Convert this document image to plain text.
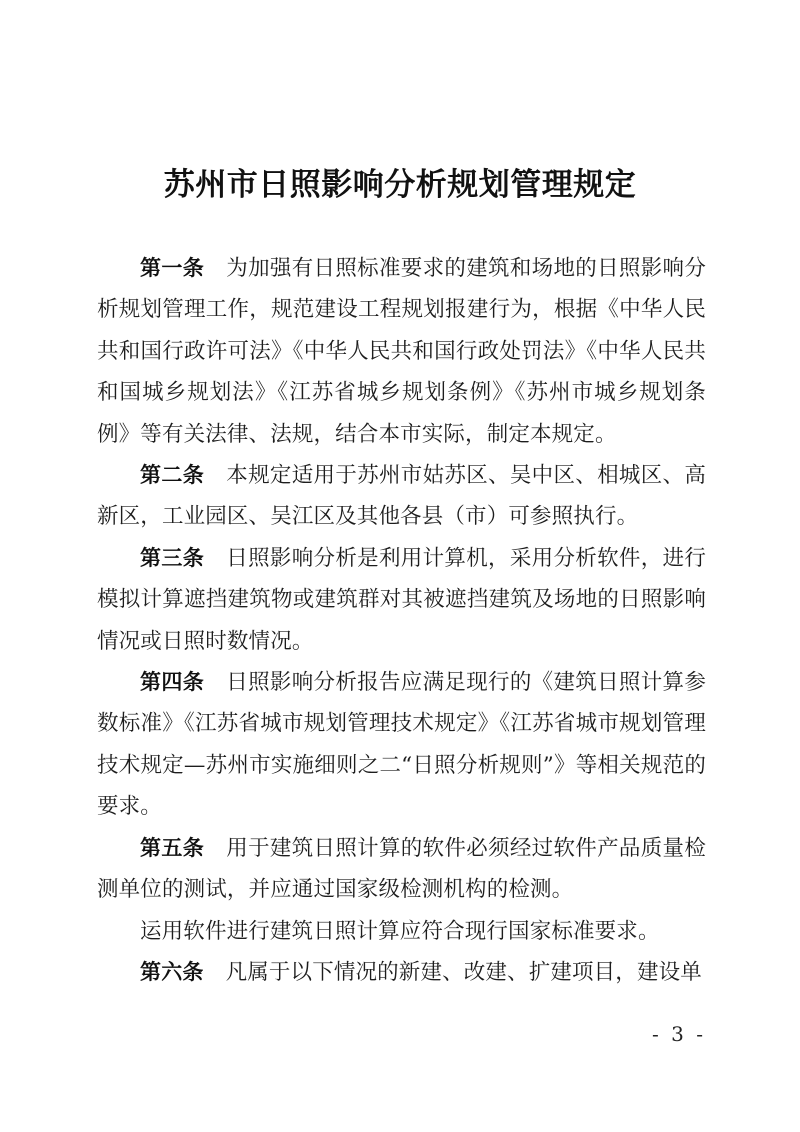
苏州市日照影响分析规划管理规定

第一条 为加强有日照标准要求的建筑和场地的日照影响分析规划管理工作，规范建设工程规划报建行为，根据《中华人民共和国行政许可法》《中华人民共和国行政处罚法》《中华人民共和国城乡规划法》《江苏省城乡规划条例》《苏州市城乡规划条例》等有关法律、法规，结合本市实际，制定本规定。

第二条 本规定适用于苏州市姑苏区、吴中区、相城区、高新区，工业园区、吴江区及其他各县（市）可参照执行。

第三条 日照影响分析是利用计算机，采用分析软件，进行模拟计算遮挡建筑物或建筑群对其被遮挡建筑及场地的日照影响情况或日照时数情况。

第四条 日照影响分析报告应满足现行的《建筑日照计算参数标准》《江苏省城市规划管理技术规定》《江苏省城市规划管理技术规定—苏州市实施细则之二“日照分析规则”》等相关规范的要求。

第五条 用于建筑日照计算的软件必须经过软件产品质量检测单位的测试，并应通过国家级检测机构的检测。

运用软件进行建筑日照计算应符合现行国家标准要求。

第六条 凡属于以下情况的新建、改建、扩建项目，建设单

- 3 -
